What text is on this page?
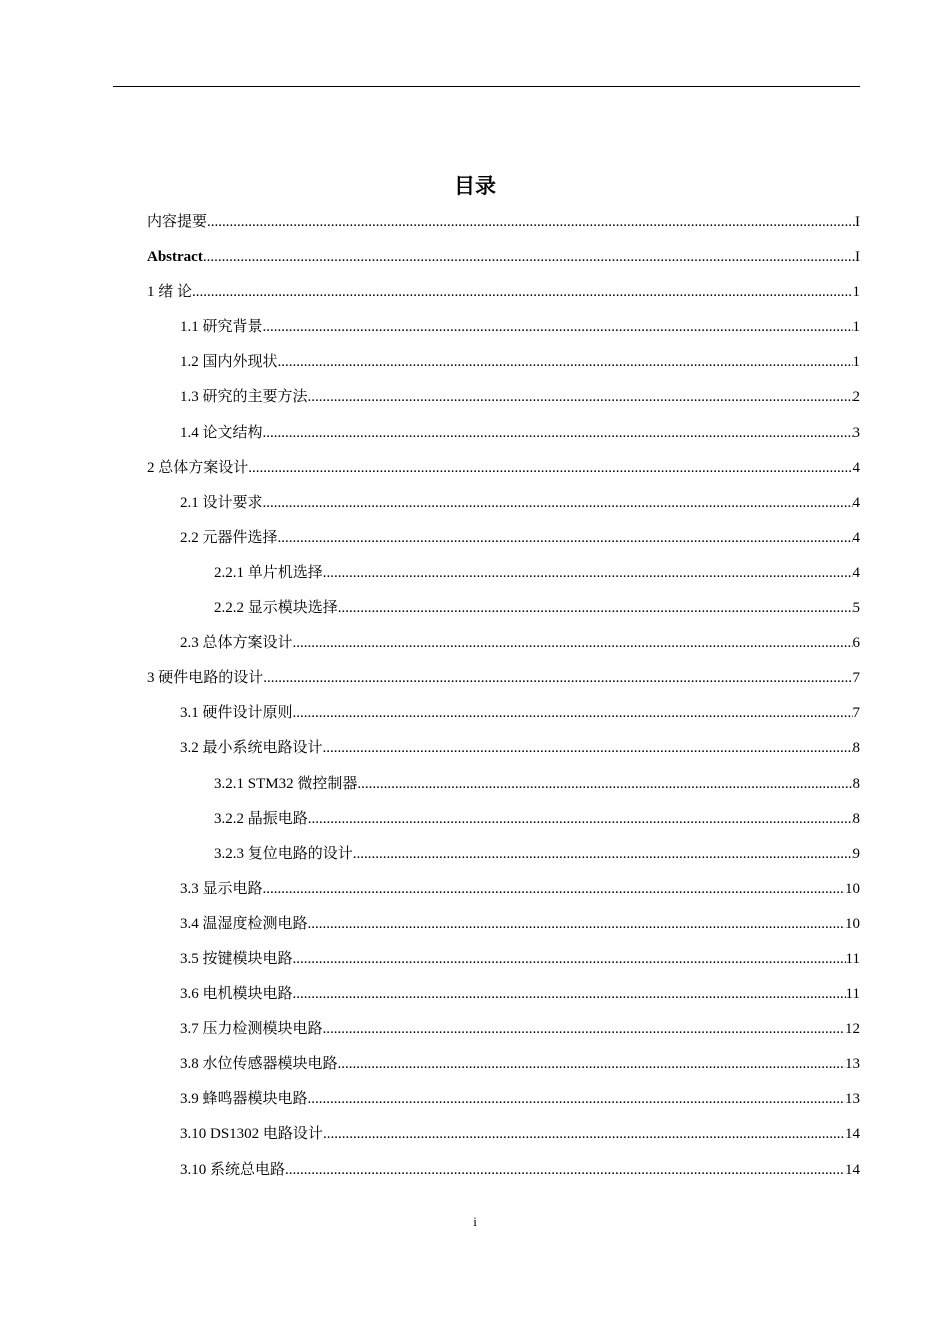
目录
内容提要 .....	I
Abstract .....	I
1 绪 论 .....	1
1.1 研究背景 .....	1
1.2 国内外现状 .....	1
1.3 研究的主要方法 .....	2
1.4 论文结构 .....	3
2 总体方案设计 .....	4
2.1 设计要求 .....	4
2.2 元器件选择 .....	4
2.2.1 单片机选择 .....	4
2.2.2 显示模块选择 .....	5
2.3 总体方案设计 .....	6
3 硬件电路的设计 .....	7
3.1 硬件设计原则 .....	7
3.2 最小系统电路设计 .....	8
3.2.1 STM32 微控制器 .....	8
3.2.2 晶振电路 .....	8
3.2.3 复位电路的设计 .....	9
3.3 显示电路 .....	10
3.4 温湿度检测电路 .....	10
3.5 按键模块电路 .....	11
3.6 电机模块电路 .....	11
3.7 压力检测模块电路 .....	12
3.8 水位传感器模块电路 .....	13
3.9 蜂鸣器模块电路 .....	13
3.10 DS1302 电路设计 .....	14
3.10 系统总电路 .....	14
i
